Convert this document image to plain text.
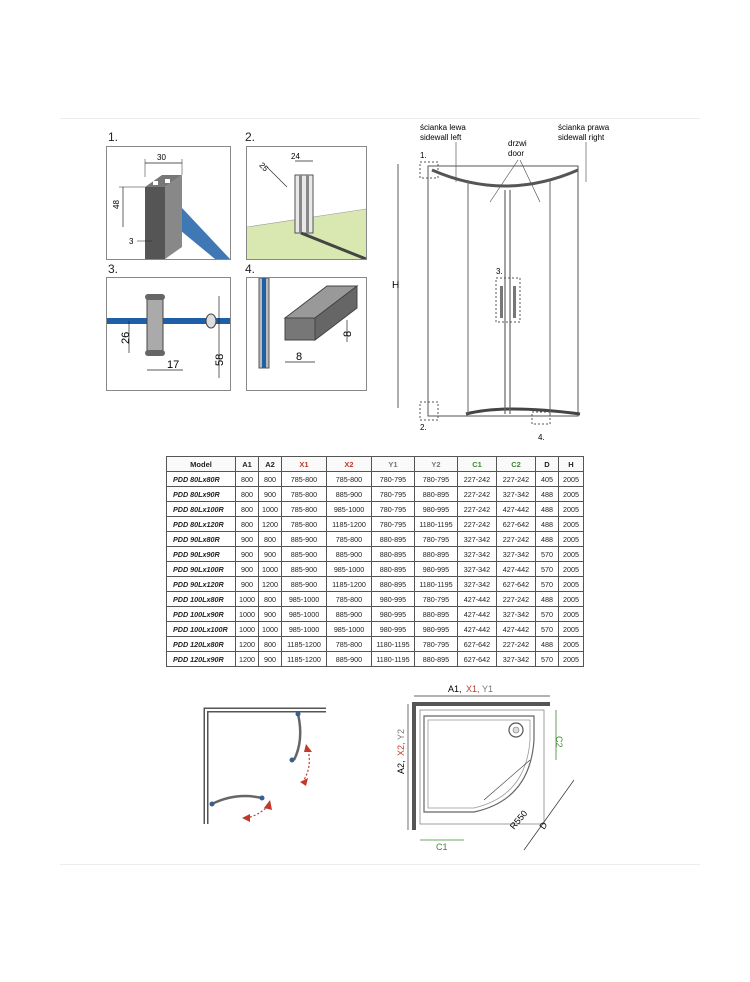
1.
30
48
3
2.
24
25
3.
26
17	58
4.
8
8
ścianka lewa
sidewall left
drzwi
door
ścianka prawa
sidewall right
H
1.
2.
3.
4.
Model	A1	A2	X1	X2	Y1	Y2	C1	C2	D	H
PDD 80Lx80R	800	800	785-800	785-800	780-795	780-795	227-242	227-242	405	2005
PDD 80Lx90R	800	900	785-800	885-900	780-795	880-895	227-242	327-342	488	2005
PDD 80Lx100R	800	1000	785-800	985-1000	780-795	980-995	227-242	427-442	488	2005
PDD 80Lx120R	800	1200	785-800	1185-1200	780-795	1180-1195	227-242	627-642	488	2005
PDD 90Lx80R	900	800	885-900	785-800	880-895	780-795	327-342	227-242	488	2005
PDD 90Lx90R	900	900	885-900	885-900	880-895	880-895	327-342	327-342	570	2005
PDD 90Lx100R	900	1000	885-900	985-1000	880-895	980-995	327-342	427-442	570	2005
PDD 90Lx120R	900	1200	885-900	1185-1200	880-895	1180-1195	327-342	627-642	570	2005
PDD 100Lx80R	1000	800	985-1000	785-800	980-995	780-795	427-442	227-242	488	2005
PDD 100Lx90R	1000	900	985-1000	885-900	980-995	880-895	427-442	327-342	570	2005
PDD 100Lx100R	1000	1000	985-1000	985-1000	980-995	980-995	427-442	427-442	570	2005
PDD 120Lx80R	1200	800	1185-1200	785-800	1180-1195	780-795	627-642	227-242	488	2005
PDD 120Lx90R	1200	900	1185-1200	885-900	1180-1195	880-895	627-642	327-342	570	2005
A1, X1, Y1
A2,
X2,
Y2
C1
C2
R550 D
